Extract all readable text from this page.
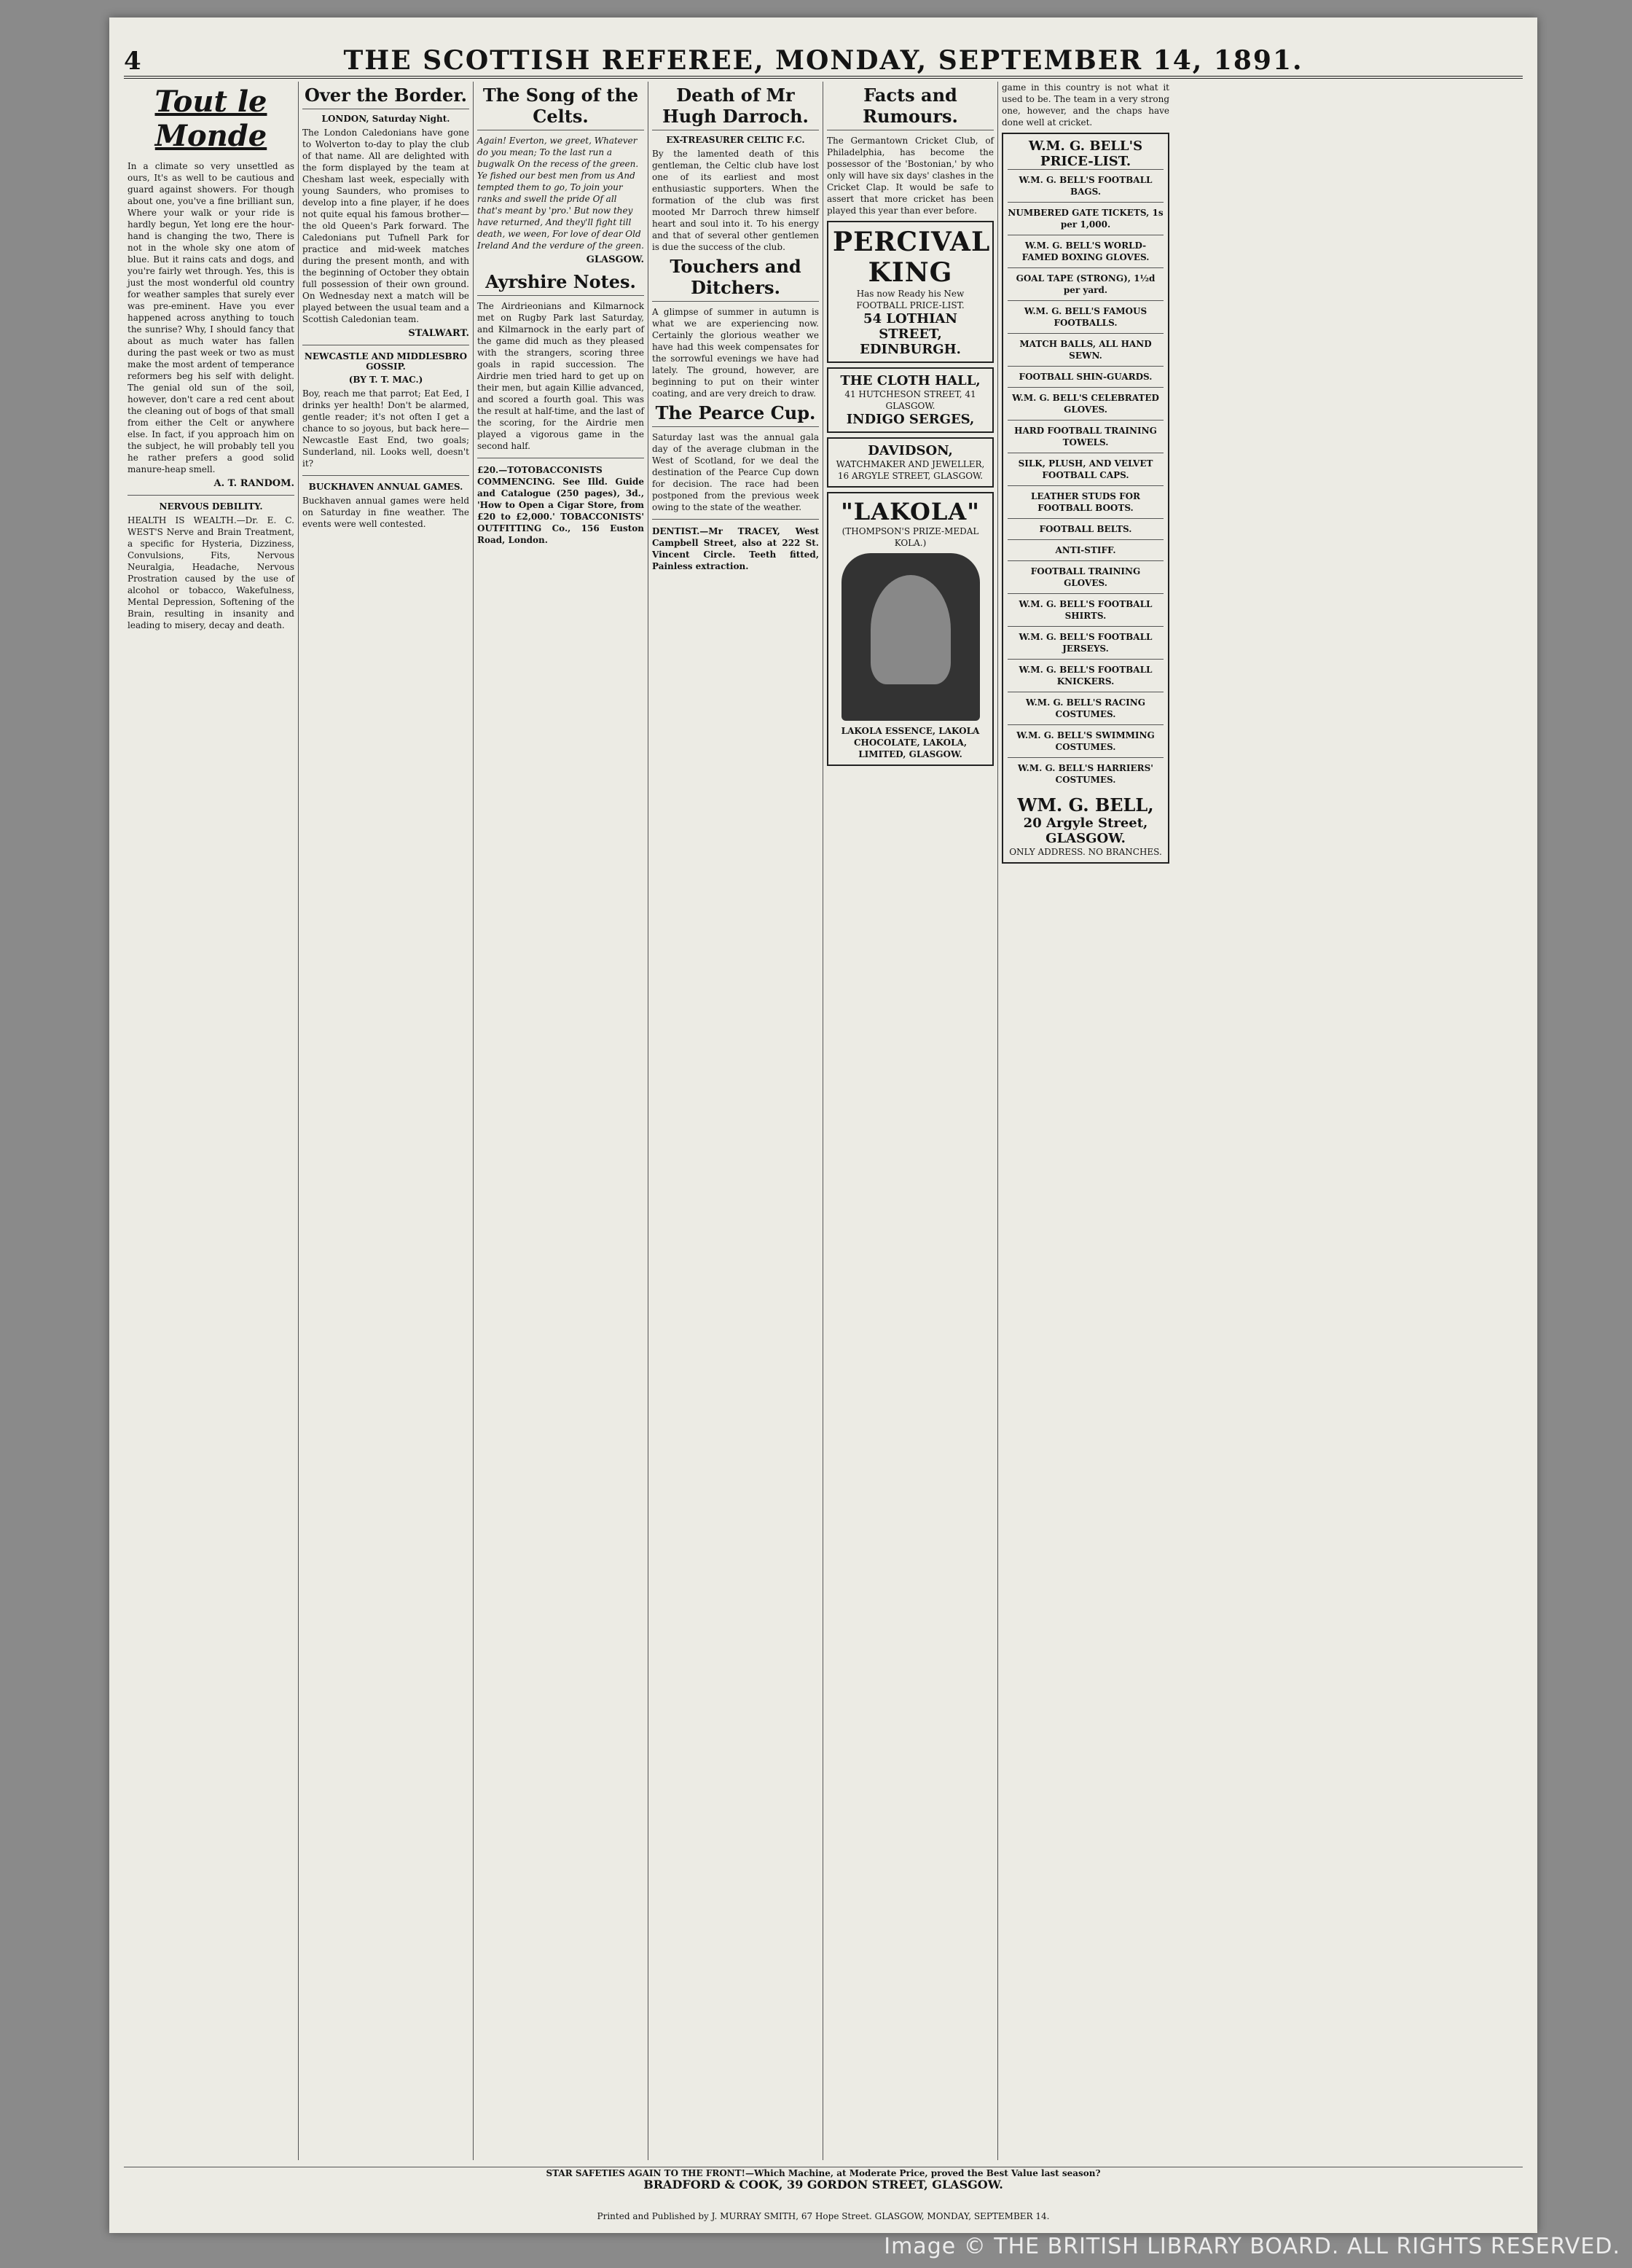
4	THE SCOTTISH REFEREE, MONDAY, SEPTEMBER 14, 1891.
Tout le Monde
In a climate so very unsettled as ours, It's as well to be cautious and guard against showers. For though about one, you've a fine brilliant sun, Where your walk or your ride is hardly begun, Yet long ere the hour-hand is changing the two, There is not in the whole sky one atom of blue. But it rains cats and dogs, and you're fairly wet through. Yes, this is just the most wonderful old country for weather samples that surely ever was pre-eminent. Have you ever happened across anything to touch the sunrise? Why, I should fancy that about as much water has fallen during the past week or two as must make the most ardent of temperance reformers beg his self with delight. The genial old sun of the soil, however, don't care a red cent about the cleaning out of bogs of that small from either the Celt or anywhere else. In fact, if you approach him on the subject, he will probably tell you he rather prefers a good solid manure-heap smell.
A. T. RANDOM.
NERVOUS DEBILITY.
HEALTH IS WEALTH.—Dr. E. C. WEST'S Nerve and Brain Treatment, a specific for Hysteria, Dizziness, Convulsions, Fits, Nervous Neuralgia, Headache, Nervous Prostration caused by the use of alcohol or tobacco, Wakefulness, Mental Depression, Softening of the Brain, resulting in insanity and leading to misery, decay and death.
Over the Border.
LONDON, Saturday Night.
The London Caledonians have gone to Wolverton to-day to play the club of that name. All are delighted with the form displayed by the team at Chesham last week, especially with young Saunders, who promises to develop into a fine player, if he does not quite equal his famous brother—the old Queen's Park forward. The Caledonians put Tufnell Park for practice and mid-week matches during the present month, and with the beginning of October they obtain full possession of their own ground. On Wednesday next a match will be played between the usual team and a Scottish Caledonian team.
STALWART.
NEWCASTLE AND MIDDLESBRO GOSSIP.
(BY T. T. MAC.)
Boy, reach me that parrot; Eat Eed, I drinks yer health! Don't be alarmed, gentle reader; it's not often I get a chance to so joyous, but back here—Newcastle East End, two goals; Sunderland, nil. Looks well, doesn't it?
BUCKHAVEN ANNUAL GAMES.
Buckhaven annual games were held on Saturday in fine weather. The events were well contested.
The Song of the Celts.
Again! Everton, we greet, Whatever do you mean; To the last run a bugwalk On the recess of the green. Ye fished our best men from us And tempted them to go, To join your ranks and swell the pride Of all that's meant by 'pro.' But now they have returned, And they'll fight till death, we ween, For love of dear Old Ireland And the verdure of the green.
GLASGOW.
Ayrshire Notes.
The Airdrieonians and Kilmarnock met on Rugby Park last Saturday, and Kilmarnock in the early part of the game did much as they pleased with the strangers, scoring three goals in rapid succession. The Airdrie men tried hard to get up on their men, but again Killie advanced, and scored a fourth goal. This was the result at half-time, and the last of the scoring, for the Airdrie men played a vigorous game in the second half.
£20.—TOTOBACCONISTS COMMENCING. See Illd. Guide and Catalogue (250 pages), 3d., 'How to Open a Cigar Store, from £20 to £2,000.' TOBACCONISTS' OUTFITTING Co., 156 Euston Road, London.
Death of Mr Hugh Darroch.
EX-TREASURER CELTIC F.C.
By the lamented death of this gentleman, the Celtic club have lost one of its earliest and most enthusiastic supporters. When the formation of the club was first mooted Mr Darroch threw himself heart and soul into it. To his energy and that of several other gentlemen is due the success of the club.
Touchers and Ditchers.
A glimpse of summer in autumn is what we are experiencing now. Certainly the glorious weather we have had this week compensates for the sorrowful evenings we have had lately. The ground, however, are beginning to put on their winter coating, and are very dreich to draw.
The Pearce Cup.
Saturday last was the annual gala day of the average clubman in the West of Scotland, for we deal the destination of the Pearce Cup down for decision. The race had been postponed from the previous week owing to the state of the weather.
DENTIST.—Mr TRACEY, West Campbell Street, also at 222 St. Vincent Circle. Teeth fitted, Painless extraction.
Facts and Rumours.
The Germantown Cricket Club, of Philadelphia, has become the possessor of the 'Bostonian,' by who only will have six days' clashes in the Cricket Clap. It would be safe to assert that more cricket has been played this year than ever before.
PERCIVAL KING
Has now Ready his New FOOTBALL PRICE-LIST.
54 LOTHIAN STREET, EDINBURGH.
THE CLOTH HALL,
41 HUTCHESON STREET, 41 GLASGOW.
INDIGO SERGES,
DAVIDSON,
WATCHMAKER AND JEWELLER, 16 ARGYLE STREET, GLASGOW.
"LAKOLA"
(THOMPSON'S PRIZE-MEDAL KOLA.)
LAKOLA ESSENCE, LAKOLA CHOCOLATE, LAKOLA, LIMITED, GLASGOW.
game in this country is not what it used to be. The team in a very strong one, however, and the chaps have done well at cricket.
W.M. G. BELL'S PRICE-LIST.
W.M. G. BELL'S FOOTBALL BAGS.
NUMBERED GATE TICKETS, 1s per 1,000.
W.M. G. BELL'S WORLD-FAMED BOXING GLOVES.
GOAL TAPE (STRONG), 1½d per yard.
W.M. G. BELL'S FAMOUS FOOTBALLS.
MATCH BALLS, ALL HAND SEWN.
FOOTBALL SHIN-GUARDS.
W.M. G. BELL'S CELEBRATED GLOVES.
HARD FOOTBALL TRAINING TOWELS.
SILK, PLUSH, AND VELVET FOOTBALL CAPS.
LEATHER STUDS FOR FOOTBALL BOOTS.
FOOTBALL BELTS.
ANTI-STIFF.
FOOTBALL TRAINING GLOVES.
W.M. G. BELL'S FOOTBALL SHIRTS.
W.M. G. BELL'S FOOTBALL JERSEYS.
W.M. G. BELL'S FOOTBALL KNICKERS.
W.M. G. BELL'S RACING COSTUMES.
W.M. G. BELL'S SWIMMING COSTUMES.
W.M. G. BELL'S HARRIERS' COSTUMES.
WM. G. BELL,
20 Argyle Street, GLASGOW.
ONLY ADDRESS. NO BRANCHES.
STAR SAFETIES AGAIN TO THE FRONT!—Which Machine, at Moderate Price, proved the Best Value last season?
BRADFORD & COOK, 39 GORDON STREET, GLASGOW.
Printed and Published by J. MURRAY SMITH, 67 Hope Street. GLASGOW, MONDAY, SEPTEMBER 14.
Image © THE BRITISH LIBRARY BOARD. ALL RIGHTS RESERVED.
